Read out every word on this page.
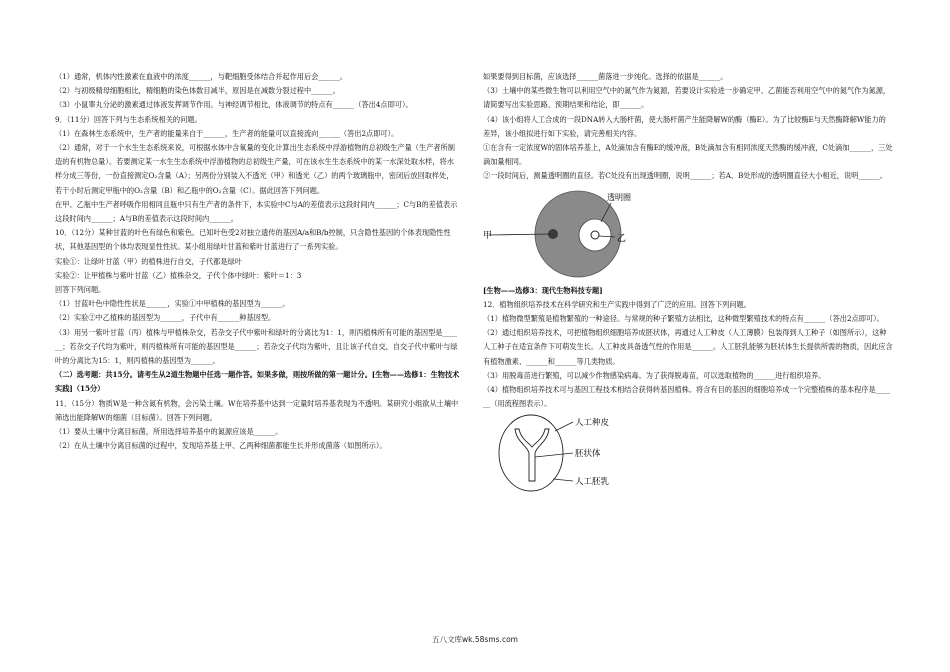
（1）通常，机体内性激素在血液中的浓度______，与靶细胞受体结合并起作用后会______。

（2）与初级精母细胞相比，精细胞的染色体数目减半，原因是在减数分裂过程中______。

（3）小鼠睾丸分泌的激素通过体液发挥调节作用。与神经调节相比，体液调节的特点有______（答出4点即可）。

9．（11分）回答下列与生态系统相关的问题。

（1）在森林生态系统中，生产者的能量来自于______，生产者的能量可以直接流向______（答出2点即可）。

（2）通常，对于一个水生生态系统来说，可根据水体中含氧量的变化计算出生态系统中浮游植物的总初级生产量（生产者所制造的有机物总量）。若要测定某一水生生态系统中浮游植物的总初级生产量，可在该水生生态系统中的某一水深处取水样，将水样分成三等份，一份直接测定O₂含量（A）；另两份分别装入不透光（甲）和透光（乙）的两个玻璃瓶中，密闭后放回取样处，若干小时后测定甲瓶中的O₂含量（B）和乙瓶中的O₂含量（C）。据此回答下列问题。

在甲、乙瓶中生产者呼吸作用相同且瓶中只有生产者的条件下，本实验中C与A的差值表示这段时间内______；C与B的差值表示这段时间内______；A与B的差值表示这段时间内______。

10．（12分）某种甘蓝的叶色有绿色和紫色。已知叶色受2对独立遗传的基因A/a和B/b控制，只含隐性基因的个体表现隐性性状，其他基因型的个体均表现显性性状。某小组用绿叶甘蓝和紫叶甘蓝进行了一系列实验。

实验①：让绿叶甘蓝（甲）的植株进行自交，子代都是绿叶

实验②：让甲植株与紫叶甘蓝（乙）植株杂交，子代个体中绿叶：紫叶＝1：3

回答下列问题。

（1）甘蓝叶色中隐性性状是______，实验①中甲植株的基因型为______。

（2）实验②中乙植株的基因型为______，子代中有______种基因型。

（3）用另一紫叶甘蓝（丙）植株与甲植株杂交，若杂交子代中紫叶和绿叶的分离比为1：1，则丙植株所有可能的基因型是______；若杂交子代均为紫叶，则丙植株所有可能的基因型是______；若杂交子代均为紫叶，且让该子代自交，自交子代中紫叶与绿叶的分离比为15：1，则丙植株的基因型为______。

（二）选考题：共15分。请考生从2道生物题中任选一题作答。如果多做，则按所做的第一题计分。[生物——选修1：生物技术实践]（15分）

11．（15分）物质W是一种含氮有机物，会污染土壤。W在培养基中达到一定量时培养基表现为不透明。某研究小组欲从土壤中筛选出能降解W的细菌（目标菌）。回答下列问题。

（1）要从土壤中分离目标菌，所用选择培养基中的氮源应该是______。

（2）在从土壤中分离目标菌的过程中，发现培养基上甲、乙两种细菌都能生长并形成菌落（如图所示）。

如果要得到目标菌，应该选择______菌落进一步纯化。选择的依据是______。

（3）土壤中的某些微生物可以利用空气中的氮气作为氮源，若要设计实验进一步确定甲、乙菌能否利用空气中的氮气作为氮源，请简要写出实验思路、预期结果和结论，即______。

（4）该小组将人工合成的一段DNA转入大肠杆菌，使大肠杆菌产生能降解W的酶（酶E）。为了比较酶E与天然酶降解W能力的差异，该小组拟进行如下实验，请完善相关内容。

①在含有一定浓度W的固体培养基上，A处滴加含有酶E的缓冲液，B处滴加含有相同浓度天然酶的缓冲液，C处滴加______，三处滴加量相同。

②一段时间后，测量透明圈的直径。若C处没有出现透明圈，说明______；若A、B处形成的透明圈直径大小相近，说明______。

透明圈
甲	乙

[生物——选修3：现代生物科技专题]

12．植物组织培养技术在科学研究和生产实践中得到了广泛的应用。回答下列问题。

（1）植物微型繁殖是植物繁殖的一种途径。与常规的种子繁殖方法相比，这种微型繁殖技术的特点有______（答出2点即可）。

（2）通过组织培养技术，可把植物组织细胞培养成胚状体，再通过人工种皮（人工薄膜）包装得到人工种子（如图所示），这种人工种子在适宜条件下可萌发生长。人工种皮具备透气性的作用是______。人工胚乳能够为胚状体生长提供所需的物质，因此应含有植物激素、______和______等几类物质。

（3）用脱毒苗进行繁殖，可以减少作物感染病毒。为了获得脱毒苗，可以选取植物的______进行组织培养。

（4）植物组织培养技术可与基因工程技术相结合获得转基因植株。将含有目的基因的细胞培养成一个完整植株的基本程序是______（用流程图表示）。

人工种皮
胚状体
人工胚乳
五八文库wk.58sms.com
